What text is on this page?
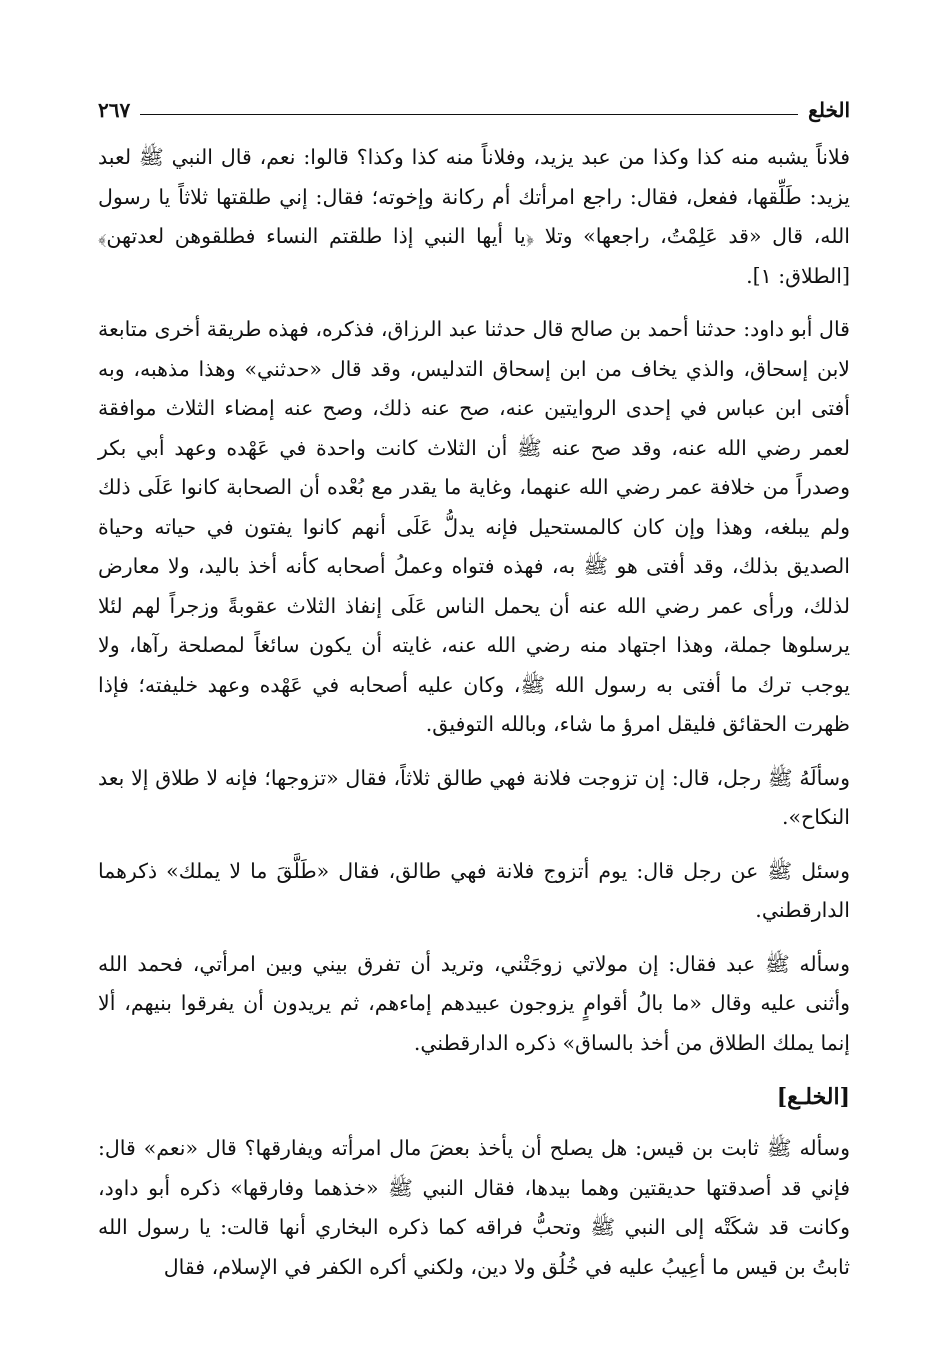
الخلع
٢٦٧

فلاناً يشبه منه كذا وكذا من عبد يزيد، وفلاناً منه كذا وكذا؟ قالوا: نعم، قال النبي ﷺ لعبد يزيد: طَلِّقها، ففعل، فقال: راجع امرأتك أم ركانة وإخوته؛ فقال: إني طلقتها ثلاثاً يا رسول الله، قال «قد عَلِمْتُ، راجعها» وتلا ﴿يا أيها النبي إذا طلقتم النساء فطلقوهن لعدتهن﴾ [الطلاق: ١].

قال أبو داود: حدثنا أحمد بن صالح قال حدثنا عبد الرزاق، فذكره، فهذه طريقة أخرى متابعة لابن إسحاق، والذي يخاف من ابن إسحاق التدليس، وقد قال «حدثني» وهذا مذهبه، وبه أفتى ابن عباس في إحدى الروايتين عنه، صح عنه ذلك، وصح عنه إمضاء الثلاث موافقة لعمر رضي الله عنه، وقد صح عنه ﷺ أن الثلاث كانت واحدة في عَهْده وعهد أبي بكر وصدراً من خلافة عمر رضي الله عنهما، وغاية ما يقدر مع بُعْده أن الصحابة كانوا عَلَى ذلك ولم يبلغه، وهذا وإن كان كالمستحيل فإنه يدلُّ عَلَى أنهم كانوا يفتون في حياته وحياة الصديق بذلك، وقد أفتى هو ﷺ به، فهذه فتواه وعملُ أصحابه كأنه أخذ باليد، ولا معارض لذلك، ورأى عمر رضي الله عنه أن يحمل الناس عَلَى إنفاذ الثلاث عقوبةً وزجراً لهم لئلا يرسلوها جملة، وهذا اجتهاد منه رضي الله عنه، غايته أن يكون سائغاً لمصلحة رآها، ولا يوجب ترك ما أفتى به رسول الله ﷺ، وكان عليه أصحابه في عَهْده وعهد خليفته؛ فإذا ظهرت الحقائق فليقل امرؤ ما شاء، وبالله التوفيق.

وسألَهُ ﷺ رجل، قال: إن تزوجت فلانة فهي طالق ثلاثاً، فقال «تزوجها؛ فإنه لا طلاق إلا بعد النكاح».

وسئل ﷺ عن رجل قال: يوم أتزوج فلانة فهي طالق، فقال «طَلَّقَ ما لا يملك» ذكرهما الدارقطني.

وسأله ﷺ عبد فقال: إن مولاتي زوجَتْني، وتريد أن تفرق بيني وبين امرأتي، فحمد الله وأثنى عليه وقال «ما بالُ أقوامٍ يزوجون عبيدهم إماءهم، ثم يريدون أن يفرقوا بنيهم، ألا إنما يملك الطلاق من أخذ بالساق» ذكره الدارقطني.

[الخلـع]

وسأله ﷺ ثابت بن قيس: هل يصلح أن يأخذ بعضَ مال امرأته ويفارقها؟ قال «نعم» قال: فإني قد أصدقتها حديقتين وهما بيدها، فقال النبي ﷺ «خذهما وفارقها» ذكره أبو داود، وكانت قد شكَتْه إلى النبي ﷺ وتحبُّ فراقه كما ذكره البخاري أنها قالت: يا رسول الله ثابتُ بن قيس ما أعِيبُ عليه في خُلُق ولا دين، ولكني أكره الكفر في الإسلام، فقال
